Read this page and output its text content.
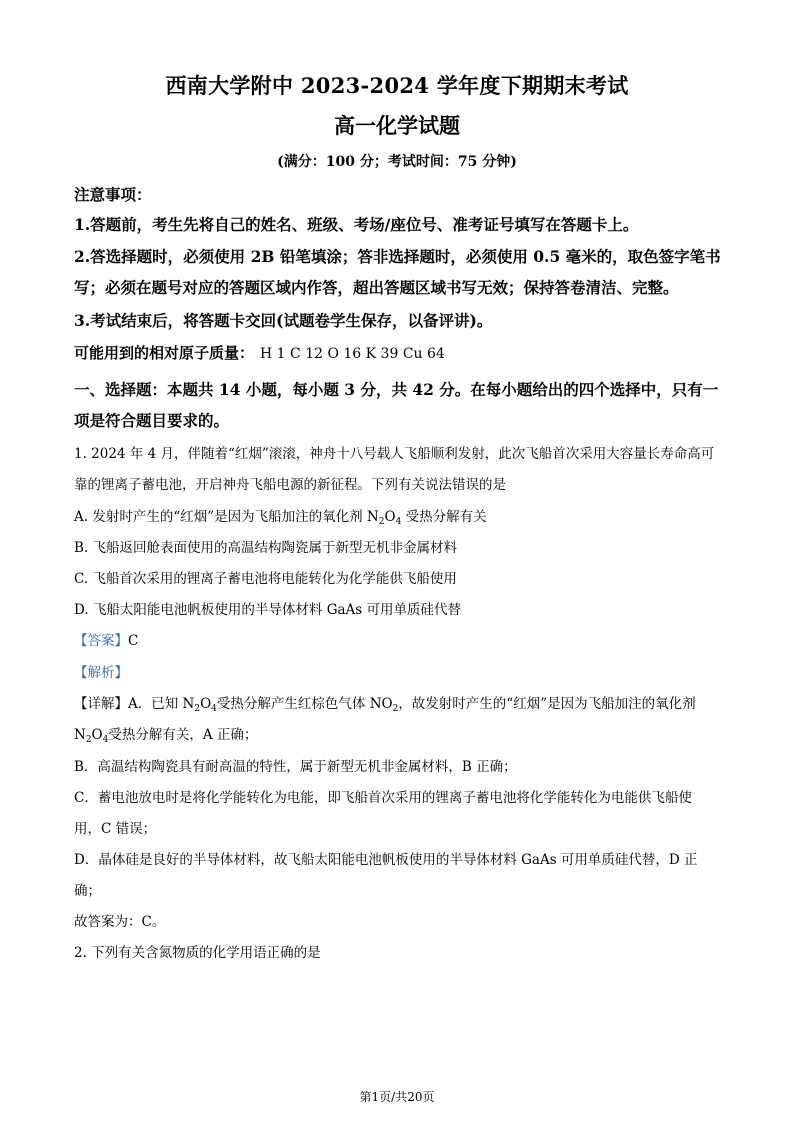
西南大学附中 2023-2024 学年度下期期末考试
高一化学试题
(满分：100 分；考试时间：75 分钟)
注意事项：
1.答题前，考生先将自己的姓名、班级、考场/座位号、准考证号填写在答题卡上。
2.答选择题时，必须使用 2B 铅笔填涂；答非选择题时，必须使用 0.5 毫米的，取色签字笔书
写；必须在题号对应的答题区域内作答，超出答题区域书写无效；保持答卷清洁、完整。
3.考试结束后，将答题卡交回(试题卷学生保存，以备评讲)。
可能用到的相对原子质量： H 1 C 12 O 16 K 39 Cu 64
一、选择题：本题共 14 小题，每小题 3 分，共 42 分。在每小题给出的四个选择中，只有一
项是符合题目要求的。
1. 2024 年 4 月，伴随着“红烟”滚滚，神舟十八号载人飞船顺利发射，此次飞船首次采用大容量长寿命高可
靠的锂离子蓄电池，开启神舟飞船电源的新征程。下列有关说法错误的是
A. 发射时产生的“红烟”是因为飞船加注的氧化剂 $N_2O_4$ 受热分解有关
B. 飞船返回舱表面使用的高温结构陶瓷属于新型无机非金属材料
C. 飞船首次采用的锂离子蓄电池将电能转化为化学能供飞船使用
D. 飞船太阳能电池帆板使用的半导体材料 GaAs 可用单质硅代替
【答案】C
【解析】
【详解】A．已知 $N_2O_4$受热分解产生红棕色气体 $NO_2$，故发射时产生的“红烟”是因为飞船加注的氧化剂
$N_2O_4$受热分解有关，A 正确；
B．高温结构陶瓷具有耐高温的特性，属于新型无机非金属材料，B 正确；
C．蓄电池放电时是将化学能转化为电能，即飞船首次采用的锂离子蓄电池将化学能转化为电能供飞船使
用，C 错误；
D．晶体硅是良好的半导体材料，故飞船太阳能电池帆板使用的半导体材料 GaAs 可用单质硅代替，D 正
确；
故答案为：C。
2. 下列有关含氮物质的化学用语正确的是
第1页/共20页
